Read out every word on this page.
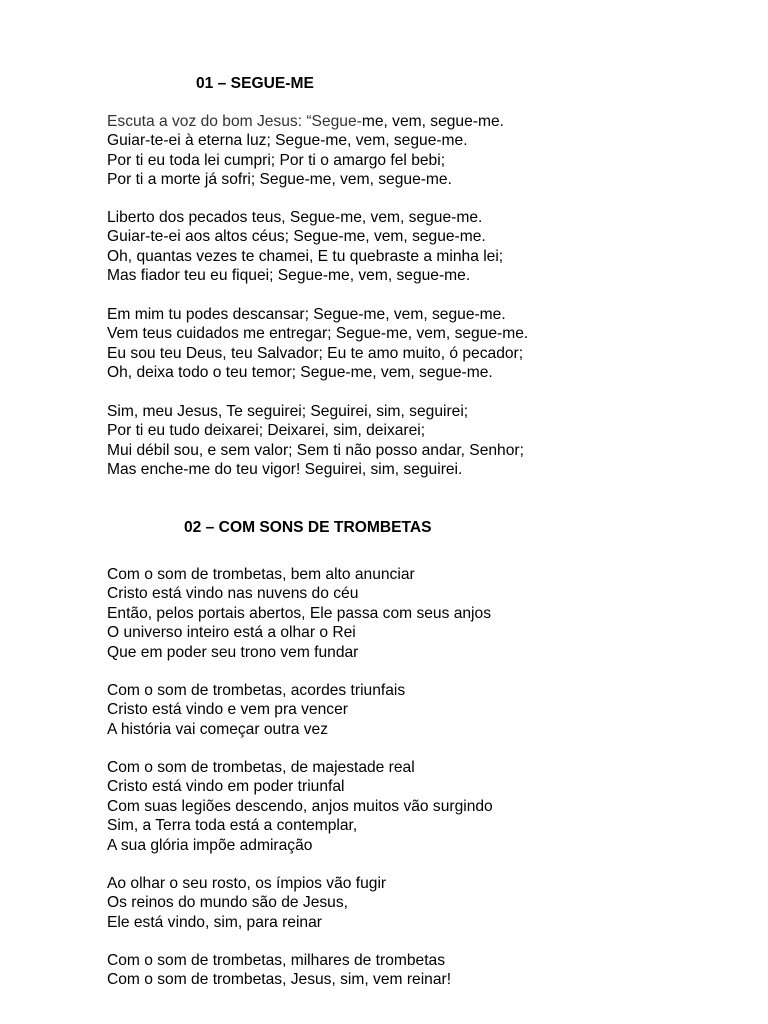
01 – SEGUE-ME

Escuta a voz do bom Jesus: “Segue-me, vem, segue-me.
Guiar-te-ei à eterna luz; Segue-me, vem, segue-me.
Por ti eu toda lei cumpri; Por ti o amargo fel bebi;
Por ti a morte já sofri; Segue-me, vem, segue-me.

Liberto dos pecados teus, Segue-me, vem, segue-me.
Guiar-te-ei aos altos céus; Segue-me, vem, segue-me.
Oh, quantas vezes te chamei, E tu quebraste a minha lei;
Mas fiador teu eu fiquei; Segue-me, vem, segue-me.

Em mim tu podes descansar; Segue-me, vem, segue-me.
Vem teus cuidados me entregar; Segue-me, vem, segue-me.
Eu sou teu Deus, teu Salvador; Eu te amo muito, ó pecador;
Oh, deixa todo o teu temor; Segue-me, vem, segue-me.

Sim, meu Jesus, Te seguirei; Seguirei, sim, seguirei;
Por ti eu tudo deixarei; Deixarei, sim, deixarei;
Mui débil sou, e sem valor; Sem ti não posso andar, Senhor;
Mas enche-me do teu vigor! Seguirei, sim, seguirei.

02 – COM SONS DE TROMBETAS

Com o som de trombetas, bem alto anunciar
Cristo está vindo nas nuvens do céu
Então, pelos portais abertos, Ele passa com seus anjos
O universo inteiro está a olhar o Rei
Que em poder seu trono vem fundar

Com o som de trombetas, acordes triunfais
Cristo está vindo e vem pra vencer
A história vai começar outra vez

Com o som de trombetas, de majestade real
Cristo está vindo em poder triunfal
Com suas legiões descendo, anjos muitos vão surgindo
Sim, a Terra toda está a contemplar,
A sua glória impõe admiração

Ao olhar o seu rosto, os ímpios vão fugir
Os reinos do mundo são de Jesus,
Ele está vindo, sim, para reinar

Com o som de trombetas, milhares de trombetas
Com o som de trombetas, Jesus, sim, vem reinar!
